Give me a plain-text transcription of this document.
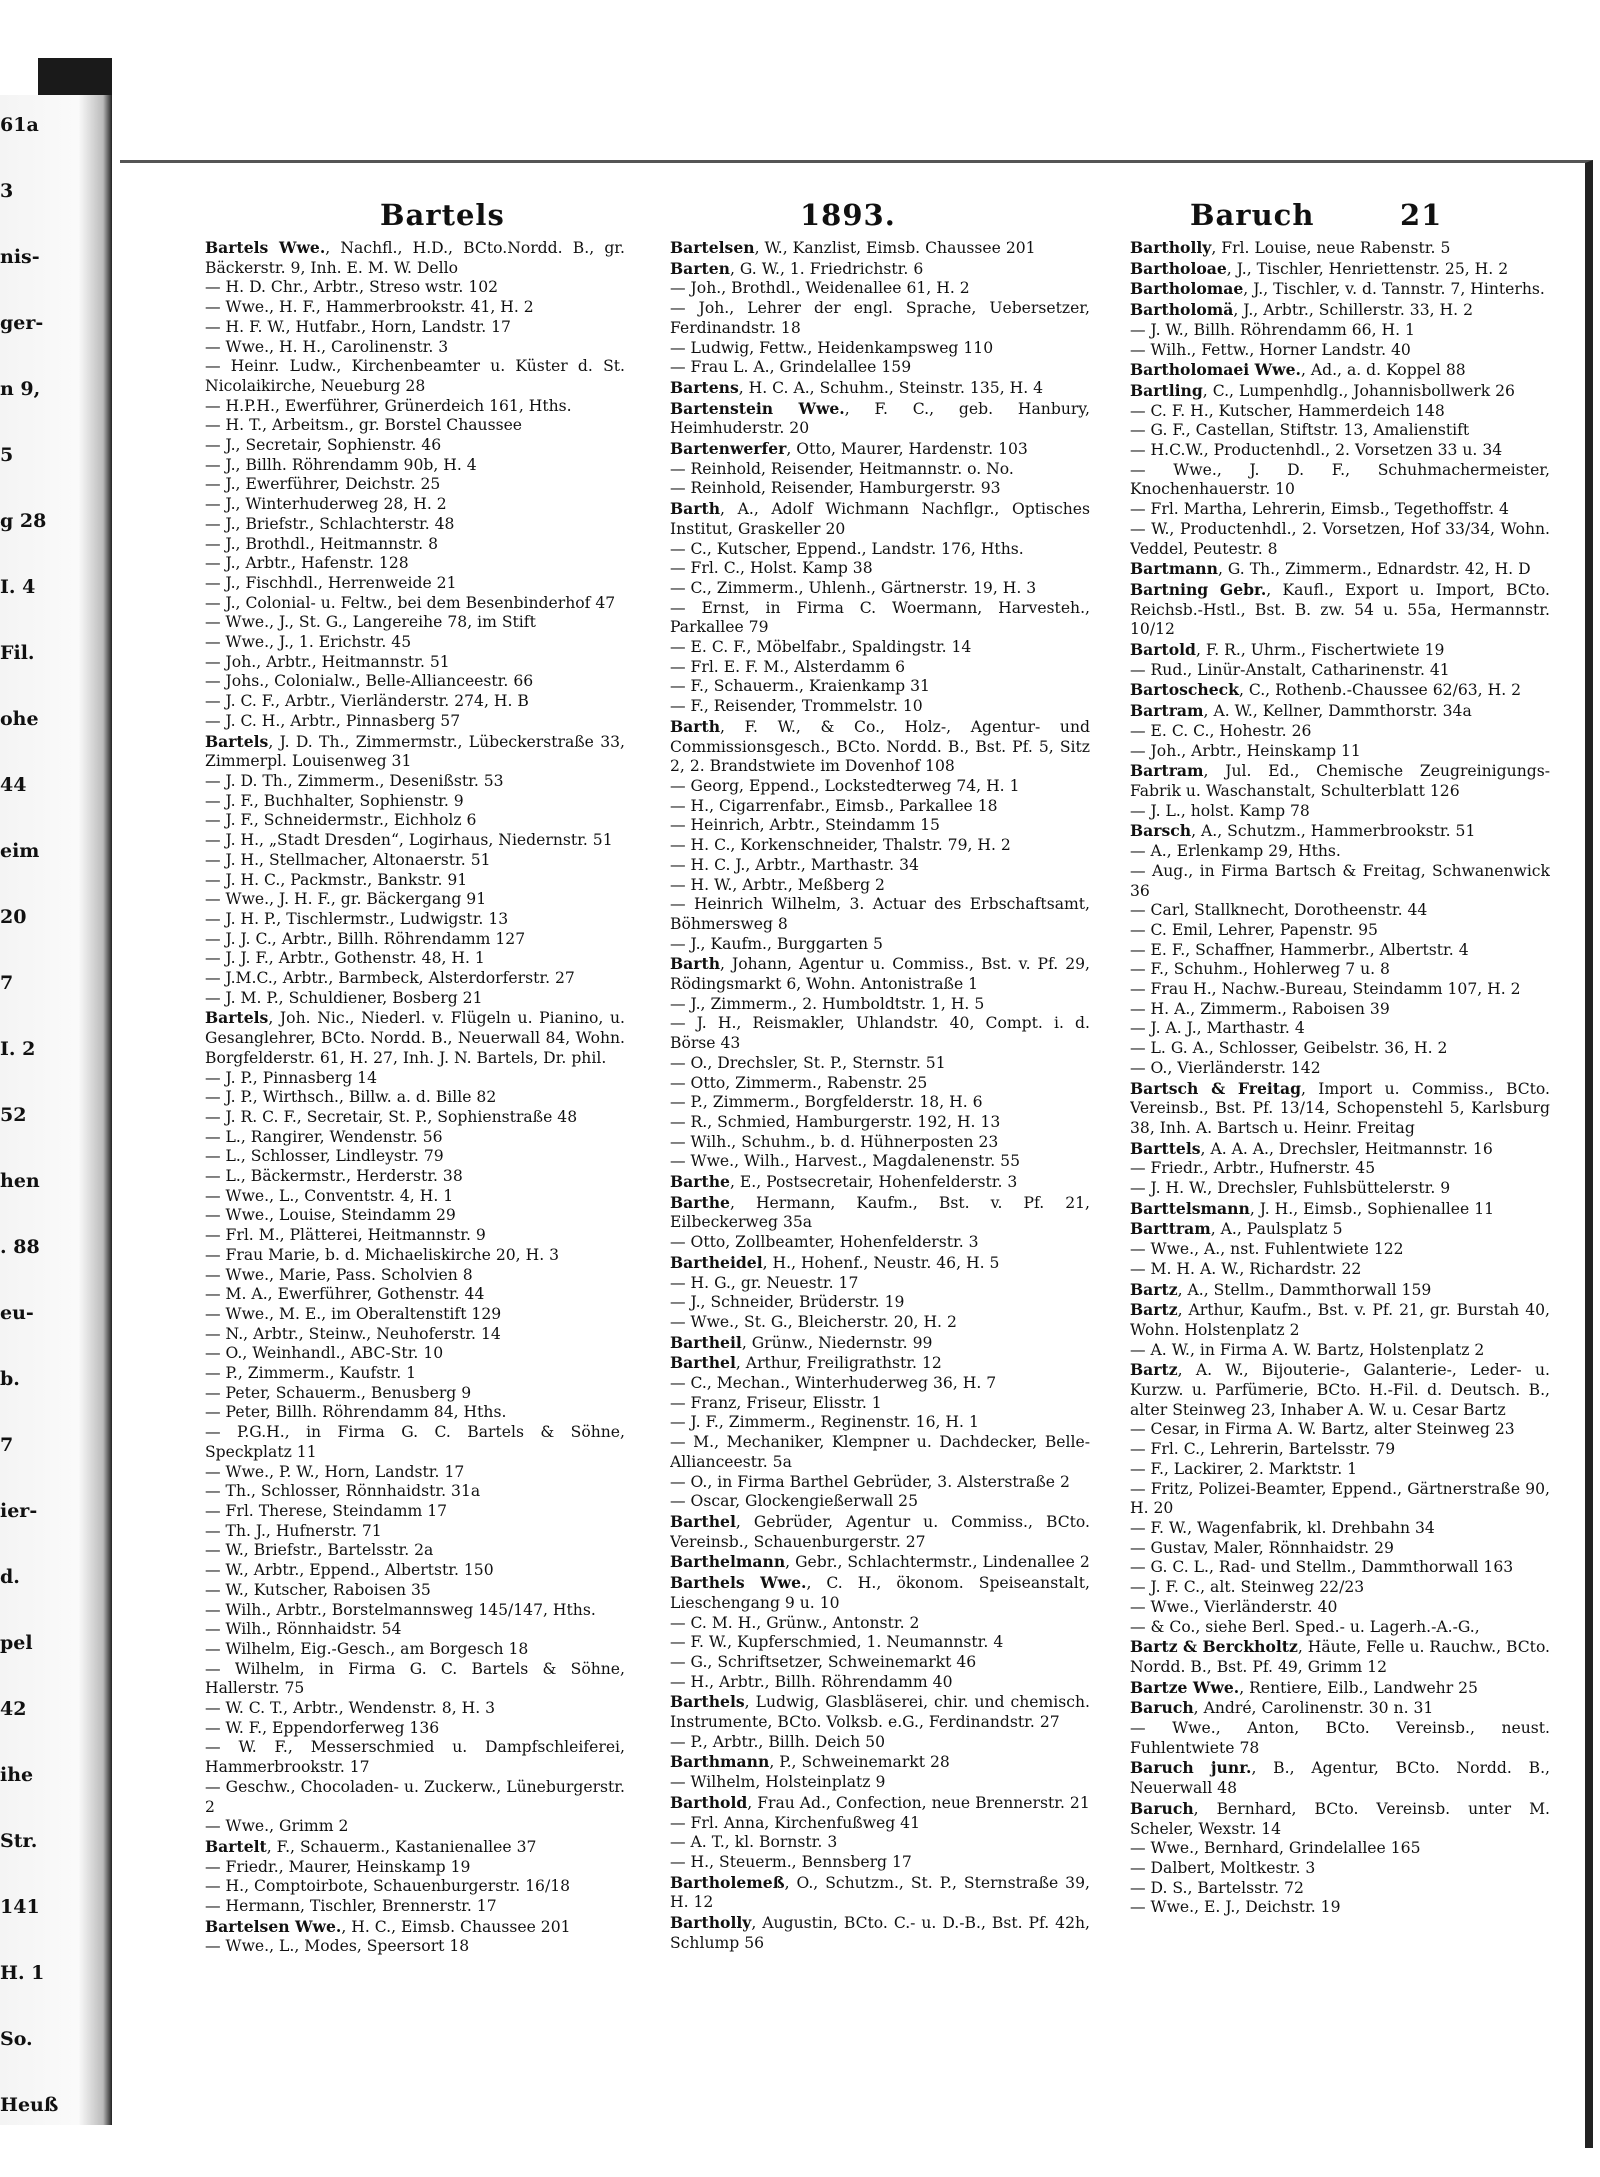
61a
3
nis-
ger-
n 9,
5
g 28
I. 4
Fil.
ohe
44
eim
20
7
I. 2
52
hen
. 88
eu-
b.
7
ier-
d.
pel
42
ihe
Str.
141
H. 1
So.
Heuß
Bartels	1893.	Baruch	21

Bartels Wwe., Nachfl., H.D., BCto.Nordd. B., gr. Bäckerstr. 9, Inh. E. M. W. Dello

— H. D. Chr., Arbtr., Streso wstr. 102

— Wwe., H. F., Hammerbrookstr. 41, H. 2

— H. F. W., Hutfabr., Horn, Landstr. 17

— Wwe., H. H., Carolinenstr. 3

— Heinr. Ludw., Kirchenbeamter u. Küster d. St. Nicolaikirche, Neueburg 28

— H.P.H., Ewerführer, Grünerdeich 161, Hths.

— H. T., Arbeitsm., gr. Borstel Chaussee

— J., Secretair, Sophienstr. 46

— J., Billh. Röhrendamm 90b, H. 4

— J., Ewerführer, Deichstr. 25

— J., Winterhuderweg 28, H. 2

— J., Briefstr., Schlachterstr. 48

— J., Brothdl., Heitmannstr. 8

— J., Arbtr., Hafenstr. 128

— J., Fischhdl., Herrenweide 21

— J., Colonial- u. Feltw., bei dem Besenbinderhof 47

— Wwe., J., St. G., Langereihe 78, im Stift

— Wwe., J., 1. Erichstr. 45

— Joh., Arbtr., Heitmannstr. 51

— Johs., Colonialw., Belle-Allianceestr. 66

— J. C. F., Arbtr., Vierländerstr. 274, H. B

— J. C. H., Arbtr., Pinnasberg 57

Bartels, J. D. Th., Zimmermstr., Lübeckerstraße 33, Zimmerpl. Louisenweg 31

— J. D. Th., Zimmerm., Desenißstr. 53

— J. F., Buchhalter, Sophienstr. 9

— J. F., Schneidermstr., Eichholz 6

— J. H., „Stadt Dresden“, Logirhaus, Niedernstr. 51

— J. H., Stellmacher, Altonaerstr. 51

— J. H. C., Packmstr., Bankstr. 91

— Wwe., J. H. F., gr. Bäckergang 91

— J. H. P., Tischlermstr., Ludwigstr. 13

— J. J. C., Arbtr., Billh. Röhrendamm 127

— J. J. F., Arbtr., Gothenstr. 48, H. 1

— J.M.C., Arbtr., Barmbeck, Alsterdorferstr. 27

— J. M. P., Schuldiener, Bosberg 21

Bartels, Joh. Nic., Niederl. v. Flügeln u. Pianino, u. Gesanglehrer, BCto. Nordd. B., Neuerwall 84, Wohn. Borgfelderstr. 61, H. 27, Inh. J. N. Bartels, Dr. phil.

— J. P., Pinnasberg 14

— J. P., Wirthsch., Billw. a. d. Bille 82

— J. R. C. F., Secretair, St. P., Sophienstraße 48

— L., Rangirer, Wendenstr. 56

— L., Schlosser, Lindleystr. 79

— L., Bäckermstr., Herderstr. 38

— Wwe., L., Conventstr. 4, H. 1

— Wwe., Louise, Steindamm 29

— Frl. M., Plätterei, Heitmannstr. 9

— Frau Marie, b. d. Michaeliskirche 20, H. 3

— Wwe., Marie, Pass. Scholvien 8

— M. A., Ewerführer, Gothenstr. 44

— Wwe., M. E., im Oberaltenstift 129

— N., Arbtr., Steinw., Neuhoferstr. 14

— O., Weinhandl., ABC-Str. 10

— P., Zimmerm., Kaufstr. 1

— Peter, Schauerm., Benusberg 9

— Peter, Billh. Röhrendamm 84, Hths.

— P.G.H., in Firma G. C. Bartels & Söhne, Speckplatz 11

— Wwe., P. W., Horn, Landstr. 17

— Th., Schlosser, Rönnhaidstr. 31a

— Frl. Therese, Steindamm 17

— Th. J., Hufnerstr. 71

— W., Briefstr., Bartelsstr. 2a

— W., Arbtr., Eppend., Albertstr. 150

— W., Kutscher, Raboisen 35

— Wilh., Arbtr., Borstelmannsweg 145/147, Hths.

— Wilh., Rönnhaidstr. 54

— Wilhelm, Eig.-Gesch., am Borgesch 18

— Wilhelm, in Firma G. C. Bartels & Söhne, Hallerstr. 75

— W. C. T., Arbtr., Wendenstr. 8, H. 3

— W. F., Eppendorferweg 136

— W. F., Messerschmied u. Dampfschleiferei, Hammerbrookstr. 17

— Geschw., Chocoladen- u. Zuckerw., Lüneburgerstr. 2

— Wwe., Grimm 2

Bartelt, F., Schauerm., Kastanienallee 37

— Friedr., Maurer, Heinskamp 19

— H., Comptoirbote, Schauenburgerstr. 16/18

— Hermann, Tischler, Brennerstr. 17

Bartelsen Wwe., H. C., Eimsb. Chaussee 201

— Wwe., L., Modes, Speersort 18

Bartelsen, W., Kanzlist, Eimsb. Chaussee 201

Barten, G. W., 1. Friedrichstr. 6

— Joh., Brothdl., Weidenallee 61, H. 2

— Joh., Lehrer der engl. Sprache, Uebersetzer, Ferdinandstr. 18

— Ludwig, Fettw., Heidenkampsweg 110

— Frau L. A., Grindelallee 159

Bartens, H. C. A., Schuhm., Steinstr. 135, H. 4

Bartenstein Wwe., F. C., geb. Hanbury, Heimhuderstr. 20

Bartenwerfer, Otto, Maurer, Hardenstr. 103

— Reinhold, Reisender, Heitmannstr. o. No.

— Reinhold, Reisender, Hamburgerstr. 93

Barth, A., Adolf Wichmann Nachflgr., Optisches Institut, Graskeller 20

— C., Kutscher, Eppend., Landstr. 176, Hths.

— Frl. C., Holst. Kamp 38

— C., Zimmerm., Uhlenh., Gärtnerstr. 19, H. 3

— Ernst, in Firma C. Woermann, Harvesteh., Parkallee 79

— E. C. F., Möbelfabr., Spaldingstr. 14

— Frl. E. F. M., Alsterdamm 6

— F., Schauerm., Kraienkamp 31

— F., Reisender, Trommelstr. 10

Barth, F. W., & Co., Holz-, Agentur- und Commissionsgesch., BCto. Nordd. B., Bst. Pf. 5, Sitz 2, 2. Brandstwiete im Dovenhof 108

— Georg, Eppend., Lockstedterweg 74, H. 1

— H., Cigarrenfabr., Eimsb., Parkallee 18

— Heinrich, Arbtr., Steindamm 15

— H. C., Korkenschneider, Thalstr. 79, H. 2

— H. C. J., Arbtr., Marthastr. 34

— H. W., Arbtr., Meßberg 2

— Heinrich Wilhelm, 3. Actuar des Erbschaftsamt, Böhmersweg 8

— J., Kaufm., Burggarten 5

Barth, Johann, Agentur u. Commiss., Bst. v. Pf. 29, Rödingsmarkt 6, Wohn. Antonistraße 1

— J., Zimmerm., 2. Humboldtstr. 1, H. 5

— J. H., Reismakler, Uhlandstr. 40, Compt. i. d. Börse 43

— O., Drechsler, St. P., Sternstr. 51

— Otto, Zimmerm., Rabenstr. 25

— P., Zimmerm., Borgfelderstr. 18, H. 6

— R., Schmied, Hamburgerstr. 192, H. 13

— Wilh., Schuhm., b. d. Hühnerposten 23

— Wwe., Wilh., Harvest., Magdalenenstr. 55

Barthe, E., Postsecretair, Hohenfelderstr. 3

Barthe, Hermann, Kaufm., Bst. v. Pf. 21, Eilbeckerweg 35a

— Otto, Zollbeamter, Hohenfelderstr. 3

Bartheidel, H., Hohenf., Neustr. 46, H. 5

— H. G., gr. Neuestr. 17

— J., Schneider, Brüderstr. 19

— Wwe., St. G., Bleicherstr. 20, H. 2

Bartheil, Grünw., Niedernstr. 99

Barthel, Arthur, Freiligrathstr. 12

— C., Mechan., Winterhuderweg 36, H. 7

— Franz, Friseur, Elisstr. 1

— J. F., Zimmerm., Reginenstr. 16, H. 1

— M., Mechaniker, Klempner u. Dachdecker, Belle-Allianceestr. 5a

— O., in Firma Barthel Gebrüder, 3. Alsterstraße 2

— Oscar, Glockengießerwall 25

Barthel, Gebrüder, Agentur u. Commiss., BCto. Vereinsb., Schauenburgerstr. 27

Barthelmann, Gebr., Schlachtermstr., Lindenallee 2

Barthels Wwe., C. H., ökonom. Speiseanstalt, Lieschengang 9 u. 10

— C. M. H., Grünw., Antonstr. 2

— F. W., Kupferschmied, 1. Neumannstr. 4

— G., Schriftsetzer, Schweinemarkt 46

— H., Arbtr., Billh. Röhrendamm 40

Barthels, Ludwig, Glasbläserei, chir. und chemisch. Instrumente, BCto. Volksb. e.G., Ferdinandstr. 27

— P., Arbtr., Billh. Deich 50

Barthmann, P., Schweinemarkt 28

— Wilhelm, Holsteinplatz 9

Barthold, Frau Ad., Confection, neue Brennerstr. 21

— Frl. Anna, Kirchenfußweg 41

— A. T., kl. Bornstr. 3

— H., Steuerm., Bennsberg 17

Bartholemeß, O., Schutzm., St. P., Sternstraße 39, H. 12

Bartholly, Augustin, BCto. C.- u. D.-B., Bst. Pf. 42h, Schlump 56

Bartholly, Frl. Louise, neue Rabenstr. 5

Bartholoae, J., Tischler, Henriettenstr. 25, H. 2

Bartholomae, J., Tischler, v. d. Tannstr. 7, Hinterhs.

Bartholomä, J., Arbtr., Schillerstr. 33, H. 2

— J. W., Billh. Röhrendamm 66, H. 1

— Wilh., Fettw., Horner Landstr. 40

Bartholomaei Wwe., Ad., a. d. Koppel 88

Bartling, C., Lumpenhdlg., Johannisbollwerk 26

— C. F. H., Kutscher, Hammerdeich 148

— G. F., Castellan, Stiftstr. 13, Amalienstift

— H.C.W., Productenhdl., 2. Vorsetzen 33 u. 34

— Wwe., J. D. F., Schuhmachermeister, Knochenhauerstr. 10

— Frl. Martha, Lehrerin, Eimsb., Tegethoffstr. 4

— W., Productenhdl., 2. Vorsetzen, Hof 33/34, Wohn. Veddel, Peutestr. 8

Bartmann, G. Th., Zimmerm., Ednardstr. 42, H. D

Bartning Gebr., Kaufl., Export u. Import, BCto. Reichsb.-Hstl., Bst. B. zw. 54 u. 55a, Hermannstr. 10/12

Bartold, F. R., Uhrm., Fischertwiete 19

— Rud., Linür-Anstalt, Catharinenstr. 41

Bartoscheck, C., Rothenb.-Chaussee 62/63, H. 2

Bartram, A. W., Kellner, Dammthorstr. 34a

— E. C. C., Hohestr. 26

— Joh., Arbtr., Heinskamp 11

Bartram, Jul. Ed., Chemische Zeugreinigungs-Fabrik u. Waschanstalt, Schulterblatt 126

— J. L., holst. Kamp 78

Barsch, A., Schutzm., Hammerbrookstr. 51

— A., Erlenkamp 29, Hths.

— Aug., in Firma Bartsch & Freitag, Schwanenwick 36

— Carl, Stallknecht, Dorotheenstr. 44

— C. Emil, Lehrer, Papenstr. 95

— E. F., Schaffner, Hammerbr., Albertstr. 4

— F., Schuhm., Hohlerweg 7 u. 8

— Frau H., Nachw.-Bureau, Steindamm 107, H. 2

— H. A., Zimmerm., Raboisen 39

— J. A. J., Marthastr. 4

— L. G. A., Schlosser, Geibelstr. 36, H. 2

— O., Vierländerstr. 142

Bartsch & Freitag, Import u. Commiss., BCto. Vereinsb., Bst. Pf. 13/14, Schopenstehl 5, Karlsburg 38, Inh. A. Bartsch u. Heinr. Freitag

Barttels, A. A. A., Drechsler, Heitmannstr. 16

— Friedr., Arbtr., Hufnerstr. 45

— J. H. W., Drechsler, Fuhlsbüttelerstr. 9

Barttelsmann, J. H., Eimsb., Sophienallee 11

Barttram, A., Paulsplatz 5

— Wwe., A., nst. Fuhlentwiete 122

— M. H. A. W., Richardstr. 22

Bartz, A., Stellm., Dammthorwall 159

Bartz, Arthur, Kaufm., Bst. v. Pf. 21, gr. Burstah 40, Wohn. Holstenplatz 2

— A. W., in Firma A. W. Bartz, Holstenplatz 2

Bartz, A. W., Bijouterie-, Galanterie-, Leder- u. Kurzw. u. Parfümerie, BCto. H.-Fil. d. Deutsch. B., alter Steinweg 23, Inhaber A. W. u. Cesar Bartz

— Cesar, in Firma A. W. Bartz, alter Steinweg 23

— Frl. C., Lehrerin, Bartelsstr. 79

— F., Lackirer, 2. Marktstr. 1

— Fritz, Polizei-Beamter, Eppend., Gärtnerstraße 90, H. 20

— F. W., Wagenfabrik, kl. Drehbahn 34

— Gustav, Maler, Rönnhaidstr. 29

— G. C. L., Rad- und Stellm., Dammthorwall 163

— J. F. C., alt. Steinweg 22/23

— Wwe., Vierländerstr. 40

— & Co., siehe Berl. Sped.- u. Lagerh.-A.-G.,

Bartz & Berckholtz, Häute, Felle u. Rauchw., BCto. Nordd. B., Bst. Pf. 49, Grimm 12

Bartze Wwe., Rentiere, Eilb., Landwehr 25

Baruch, André, Carolinenstr. 30 n. 31

— Wwe., Anton, BCto. Vereinsb., neust. Fuhlentwiete 78

Baruch junr., B., Agentur, BCto. Nordd. B., Neuerwall 48

Baruch, Bernhard, BCto. Vereinsb. unter M. Scheler, Wexstr. 14

— Wwe., Bernhard, Grindelallee 165

— Dalbert, Moltkestr. 3

— D. S., Bartelsstr. 72

— Wwe., E. J., Deichstr. 19
